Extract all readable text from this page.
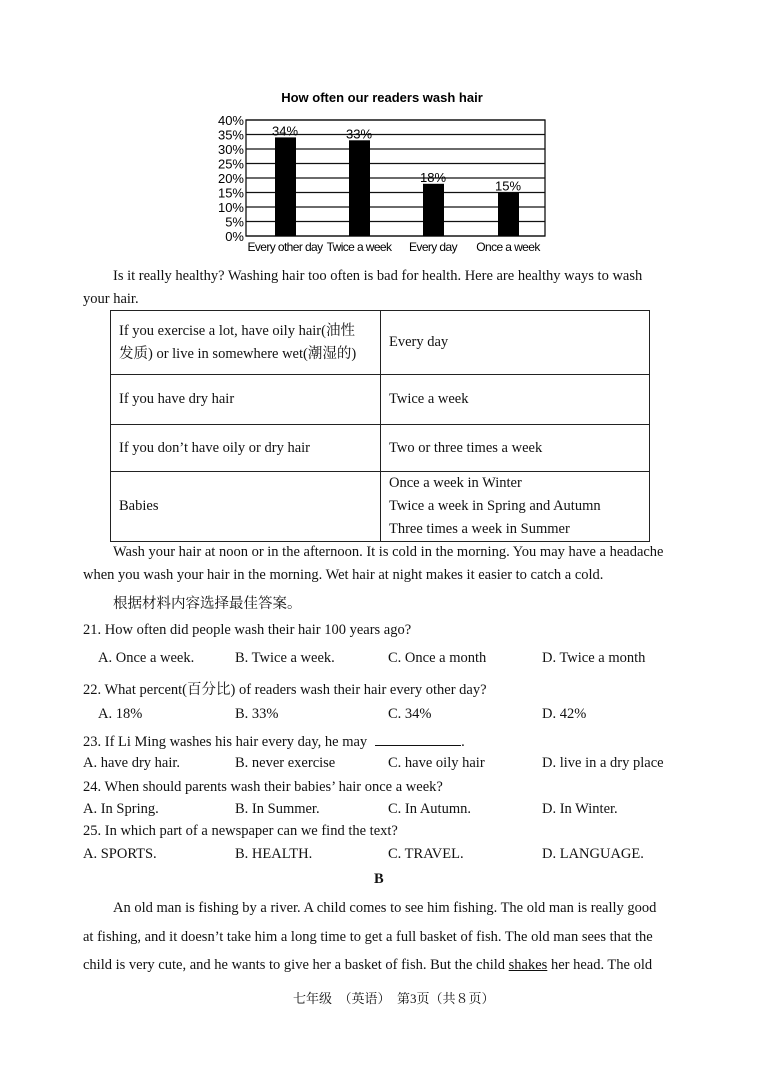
How often our readers wash hair
0%
5%
10%
15%
20%
25%
30%
35%
40%
34%
Every other day
33%
Twice a week
18%
Every day
15%
Once a week
Is it really healthy? Washing hair too often is bad for health. Here are healthy ways to wash
your hair.
If you exercise a lot, have oily hair(油性
发质) or live in somewhere wet(潮湿的)	Every day
If you have dry hair	Twice a week
If you don’t have oily or dry hair	Two or three times a week
Babies	Once a week in Winter
Twice a week in Spring and Autumn
Three times a week in Summer
Wash your hair at noon or in the afternoon. It is cold in the morning. You may have a headache
when you wash your hair in the morning. Wet hair at night makes it easier to catch a cold.
根据材料内容选择最佳答案。
21. How often did people wash their hair 100 years ago?
A. Once a week.	B. Twice a week.	C. Once a month	D. Twice a month
22. What percent(百分比) of readers wash their hair every other day?
A. 18%	B. 33%	C. 34%	D. 42%
23. If Li Ming washes his hair every day, he may	.
A. have dry hair.	B. never exercise	C. have oily hair	D. live in a dry place
24. When should parents wash their babies’ hair once a week?
A. In Spring.	B. In Summer.	C. In Autumn.	D. In Winter.
25. In which part of a newspaper can we find the text?
A. SPORTS.	B. HEALTH.	C. TRAVEL.	D. LANGUAGE.
B
An old man is fishing by a river. A child comes to see him fishing. The old man is really good
at fishing, and it doesn’t take him a long time to get a full basket of fish. The old man sees that the
child is very cute, and he wants to give her a basket of fish. But the child shakes her head. The old
七年级　（英语）　第3页（共８页）
